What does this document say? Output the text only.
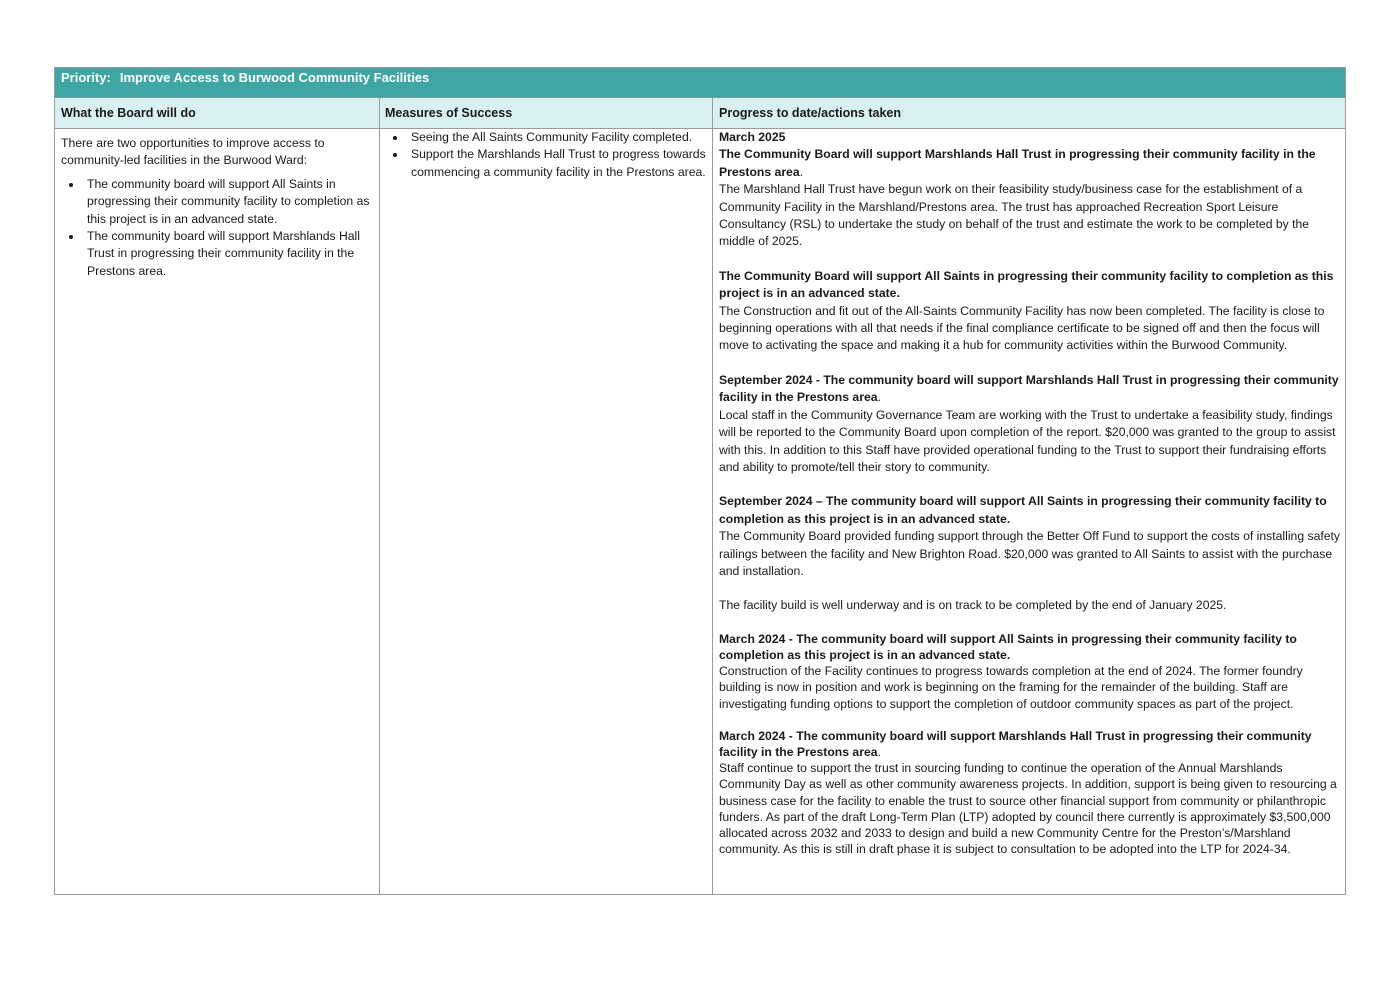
Priority: Improve Access to Burwood Community Facilities
What the Board will do	Measures of Success	Progress to date/actions taken

There are two opportunities to improve access to community-led facilities in the Burwood Ward:

• The community board will support All Saints in progressing their community facility to completion as this project is in an advanced state.
• The community board will support Marshlands Hall Trust in progressing their community facility in the Prestons area.
• Seeing the All Saints Community Facility completed.
• Support the Marshlands Hall Trust to progress towards commencing a community facility in the Prestons area.

March 2025

The Community Board will support Marshlands Hall Trust in progressing their community facility in the Prestons area.

The Marshland Hall Trust have begun work on their feasibility study/business case for the establishment of a Community Facility in the Marshland/Prestons area. The trust has approached Recreation Sport Leisure Consultancy (RSL) to undertake the study on behalf of the trust and estimate the work to be completed by the middle of 2025.

The Community Board will support All Saints in progressing their community facility to completion as this project is in an advanced state.

The Construction and fit out of the All-Saints Community Facility has now been completed. The facility is close to beginning operations with all that needs if the final compliance certificate to be signed off and then the focus will move to activating the space and making it a hub for community activities within the Burwood Community.

September 2024 - The community board will support Marshlands Hall Trust in progressing their community facility in the Prestons area.

Local staff in the Community Governance Team are working with the Trust to undertake a feasibility study, findings will be reported to the Community Board upon completion of the report. $20,000 was granted to the group to assist with this. In addition to this Staff have provided operational funding to the Trust to support their fundraising efforts and ability to promote/tell their story to community.

September 2024 – The community board will support All Saints in progressing their community facility to completion as this project is in an advanced state.

The Community Board provided funding support through the Better Off Fund to support the costs of installing safety railings between the facility and New Brighton Road. $20,000 was granted to All Saints to assist with the purchase and installation.

The facility build is well underway and is on track to be completed by the end of January 2025.

March 2024 - The community board will support All Saints in progressing their community facility to completion as this project is in an advanced state.

Construction of the Facility continues to progress towards completion at the end of 2024. The former foundry building is now in position and work is beginning on the framing for the remainder of the building. Staff are investigating funding options to support the completion of outdoor community spaces as part of the project.

March 2024 - The community board will support Marshlands Hall Trust in progressing their community facility in the Prestons area.

Staff continue to support the trust in sourcing funding to continue the operation of the Annual Marshlands Community Day as well as other community awareness projects. In addition, support is being given to resourcing a business case for the facility to enable the trust to source other financial support from community or philanthropic funders. As part of the draft Long-Term Plan (LTP) adopted by council there currently is approximately $3,500,000 allocated across 2032 and 2033 to design and build a new Community Centre for the Preston’s/Marshland community. As this is still in draft phase it is subject to consultation to be adopted into the LTP for 2024-34.
